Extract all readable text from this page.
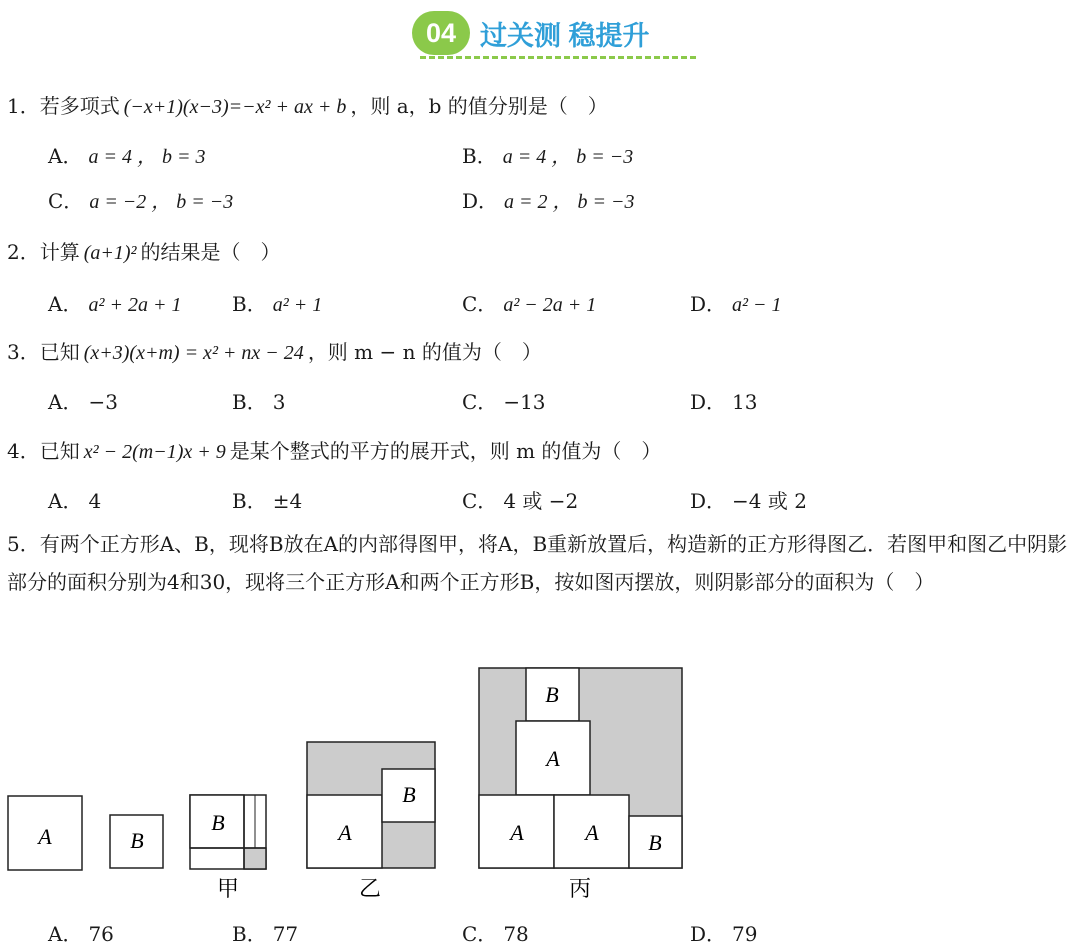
04 过关测 稳提升
1．若多项式 (−x+1)(x−3)=−x² + ax + b ，则 a，b 的值分别是（　）
A． a = 4 ， b = 3	B． a = 4 ， b = −3
C． a = −2 ， b = −3	D． a = 2 ， b = −3
2．计算 (a+1)² 的结果是（　）
A． a² + 2a + 1	B． a² + 1	C． a² − 2a + 1	D． a² − 1
3．已知 (x+3)(x+m) = x² + nx − 24 ，则 m − n 的值为（　）
A． −3	B． 3	C． −13	D． 13
4．已知 x² − 2(m−1)x + 9 是某个整式的平方的展开式，则 m 的值为（　）
A． 4	B． ±4	C． 4 或 −2	D． −4 或 2
5．有两个正方形A、B，现将B放在A的内部得图甲，将A，B重新放置后，构造新的正方形得图乙．若图甲和图乙中阴影部分的面积分别为4和30，现将三个正方形A和两个正方形B，按如图丙摆放，则阴影部分的面积为（　）
A	B
B
甲
A
B
乙
B
A
A	A B
丙
A． 76	B． 77	C． 78	D． 79
